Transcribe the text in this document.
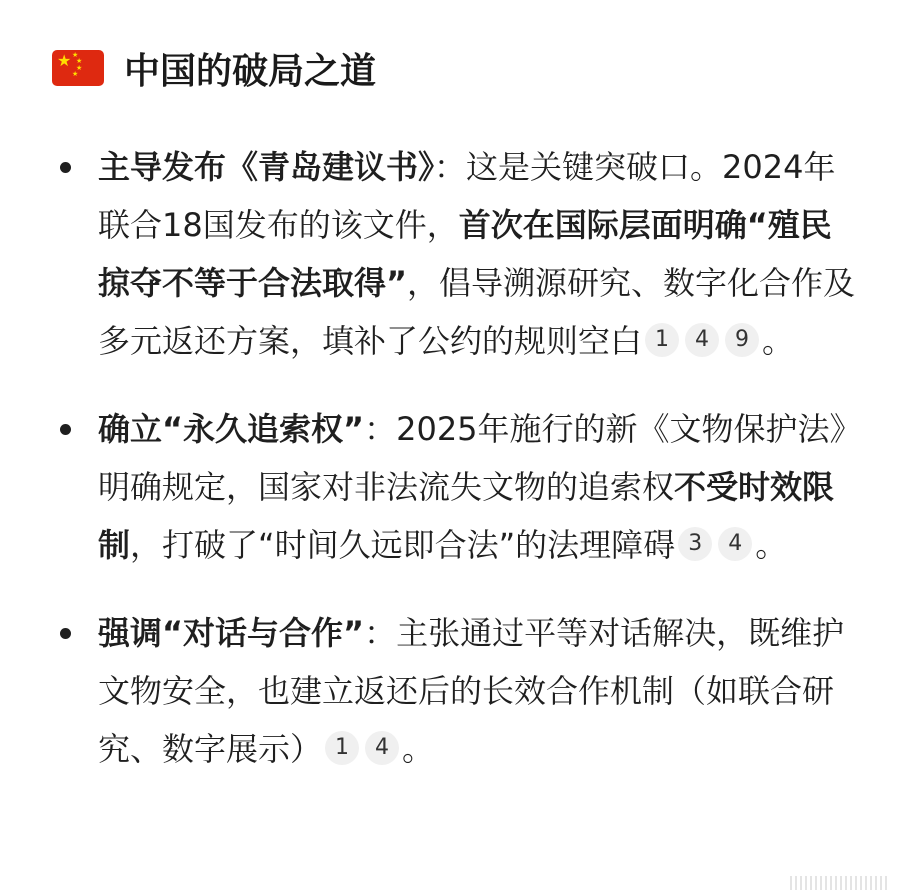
★ ★
★
★
★ 中国的破局之道
主导发布《青岛建议书》：这是关键突破口。2024年联合18国发布的该文件，首次在国际层面明确“殖民掠夺不等于合法取得”，倡导溯源研究、数字化合作及多元返还方案，填补了公约的规则空白 1 4 9 。
确立“永久追索权”：2025年施行的新《文物保护法》明确规定，国家对非法流失文物的追索权不受时效限制，打破了“时间久远即合法”的法理障碍 3 4 。
强调“对话与合作”：主张通过平等对话解决，既维护文物安全，也建立返还后的长效合作机制（如联合研究、数字展示） 1 4 。
